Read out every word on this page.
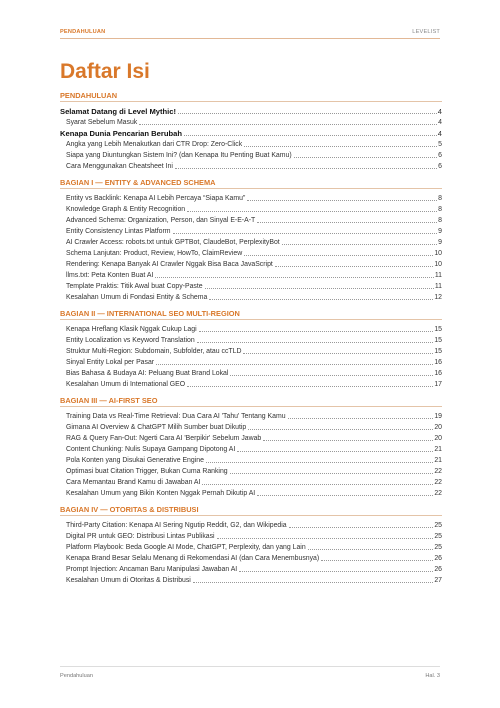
PENDAHULUAN	LEVELIST
Daftar Isi
PENDAHULUAN
Selamat Datang di Level Mythic!	4
Syarat Sebelum Masuk	4
Kenapa Dunia Pencarian Berubah	4
Angka yang Lebih Menakutkan dari CTR Drop: Zero-Click	5
Siapa yang Diuntungkan Sistem Ini? (dan Kenapa Itu Penting Buat Kamu)	6
Cara Menggunakan Cheatsheet Ini	6
BAGIAN I — ENTITY & ADVANCED SCHEMA
Entity vs Backlink: Kenapa AI Lebih Percaya “Siapa Kamu”	8
Knowledge Graph & Entity Recognition	8
Advanced Schema: Organization, Person, dan Sinyal E-E-A-T	8
Entity Consistency Lintas Platform	9
AI Crawler Access: robots.txt untuk GPTBot, ClaudeBot, PerplexityBot	9
Schema Lanjutan: Product, Review, HowTo, ClaimReview	10
Rendering: Kenapa Banyak AI Crawler Nggak Bisa Baca JavaScript	10
llms.txt: Peta Konten Buat AI	11
Template Praktis: Titik Awal buat Copy-Paste	11
Kesalahan Umum di Fondasi Entity & Schema	12
BAGIAN II — INTERNATIONAL SEO MULTI-REGION
Kenapa Hreflang Klasik Nggak Cukup Lagi	15
Entity Localization vs Keyword Translation	15
Struktur Multi-Region: Subdomain, Subfolder, atau ccTLD	15
Sinyal Entity Lokal per Pasar	16
Bias Bahasa & Budaya AI: Peluang Buat Brand Lokal	16
Kesalahan Umum di International GEO	17
BAGIAN III — AI-FIRST SEO
Training Data vs Real-Time Retrieval: Dua Cara AI 'Tahu' Tentang Kamu	19
Gimana AI Overview & ChatGPT Milih Sumber buat Dikutip	20
RAG & Query Fan-Out: Ngerti Cara AI 'Berpikir' Sebelum Jawab	20
Content Chunking: Nulis Supaya Gampang Dipotong AI	21
Pola Konten yang Disukai Generative Engine	21
Optimasi buat Citation Trigger, Bukan Cuma Ranking	22
Cara Memantau Brand Kamu di Jawaban AI	22
Kesalahan Umum yang Bikin Konten Nggak Pernah Dikutip AI	22
BAGIAN IV — OTORITAS & DISTRIBUSI
Third-Party Citation: Kenapa AI Sering Ngutip Reddit, G2, dan Wikipedia	25
Digital PR untuk GEO: Distribusi Lintas Publikasi	25
Platform Playbook: Beda Google AI Mode, ChatGPT, Perplexity, dan yang Lain	25
Kenapa Brand Besar Selalu Menang di Rekomendasi AI (dan Cara Menembusnya)	26
Prompt Injection: Ancaman Baru Manipulasi Jawaban AI	26
Kesalahan Umum di Otoritas & Distribusi	27
Pendahuluan	Hal. 3
